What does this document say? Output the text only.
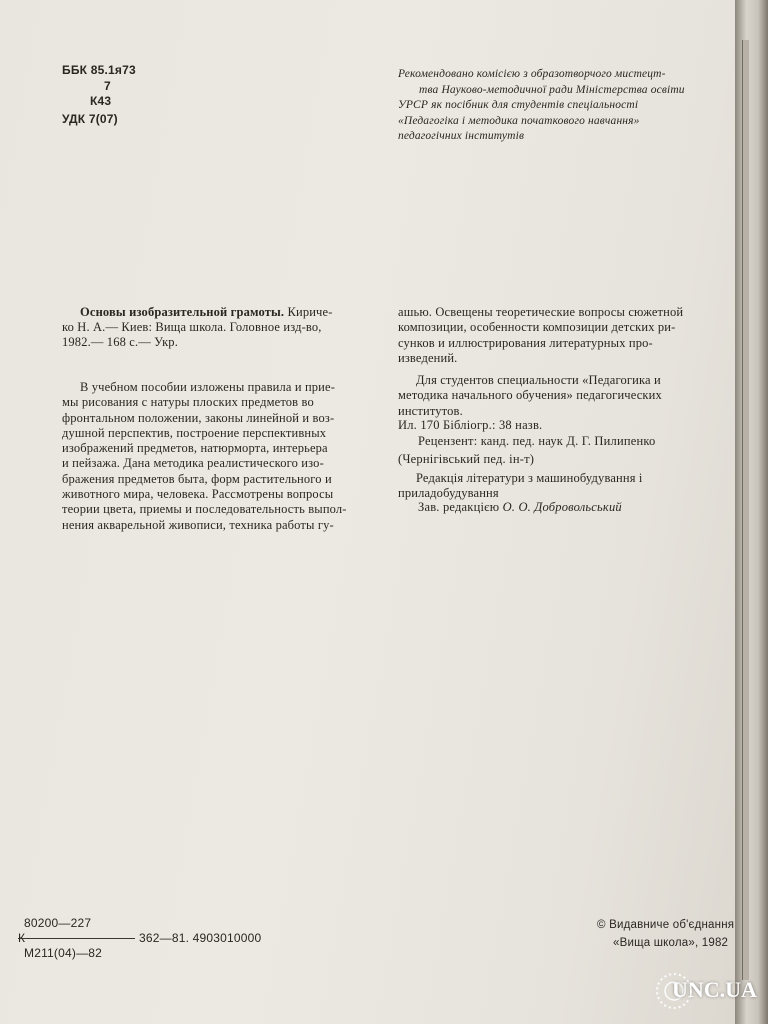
ББК 85.1я73
7
К43
УДК 7(07)
Рекомендовано комісією з образотворчого мистецт-
тва Науково-методичної ради Міністерства освіти
УРСР як посібник для студентів спеціальності
«Педагогіка і методика початкового навчання»
педагогічних інститутів
Основы изобразительной грамоты. Кириче-
ко Н. А.— Киев: Вища школа. Головное изд-во,
1982.— 168 с.— Укр.
В учебном пособии изложены правила и прие-
мы рисования с натуры плоских предметов во
фронтальном положении, законы линейной и воз-
душной перспектив, построение перспективных
изображений предметов, натюрморта, интерьера
и пейзажа. Дана методика реалистического изо-
бражения предметов быта, форм растительного и
животного мира, человека. Рассмотрены вопросы
теории цвета, приемы и последовательность выпол-
нения акварельной живописи, техника работы гу-
ашью. Освещены теоретические вопросы сюжетной
композиции, особенности композиции детских ри-
сунков и иллюстрирования литературных про-
изведений.
Для студентов специальности «Педагогика и
методика начального обучения» педагогических
институтов.
Ил. 170 Бібліогр.: 38 назв.
Рецензент: канд. пед. наук Д. Г. Пилипенко
(Чернігівський пед. ін-т)
Редакція літератури з машинобудування і
приладобудування
Зав. редакцією О. О. Добровольський
80200—227
К	362—81. 4903010000
М211(04)—82
© Видавниче об'єднання
«Вища школа», 1982
UNC.UA
